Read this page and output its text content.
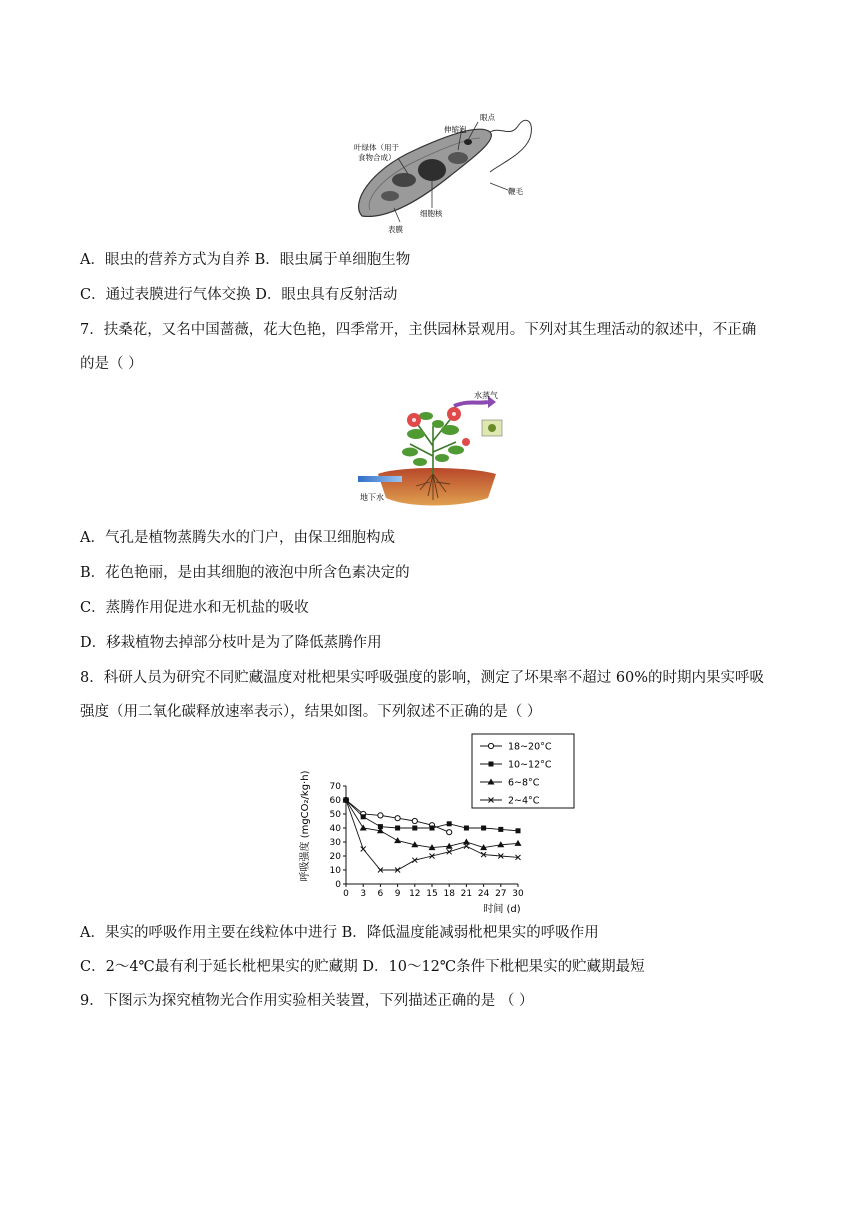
眼点
伸缩泡
叶绿体（用于
食物合成）
鞭毛
细胞核
表膜
A．眼虫的营养方式为自养 B．眼虫属于单细胞生物
C．通过表膜进行气体交换 D．眼虫具有反射活动
7．扶桑花，又名中国蔷薇，花大色艳，四季常开，主供园林景观用。下列对其生理活动的叙述中，不正确
的是（ ）
水蒸气
地下水
A．气孔是植物蒸腾失水的门户，由保卫细胞构成
B．花色艳丽，是由其细胞的液泡中所含色素决定的
C．蒸腾作用促进水和无机盐的吸收
D．移栽植物去掉部分枝叶是为了降低蒸腾作用
8．科研人员为研究不同贮藏温度对枇杷果实呼吸强度的影响，测定了坏果率不超过 60%的时期内果实呼吸
强度（用二氧化碳释放速率表示），结果如图。下列叙述不正确的是（ ）
呼吸强度 (mgCO₂/kg·h)
时间 (d)
0 3 6 9 12 15 18 21 24 27 30
0
10
20
30
40
50
60
70
18~20°C
10~12°C
6~8°C
2~4°C
A．果实的呼吸作用主要在线粒体中进行 B．降低温度能减弱枇杷果实的呼吸作用
C．2～4℃最有利于延长枇杷果实的贮藏期 D．10～12℃条件下枇杷果实的贮藏期最短
9．下图示为探究植物光合作用实验相关装置，下列描述正确的是 （ ）
